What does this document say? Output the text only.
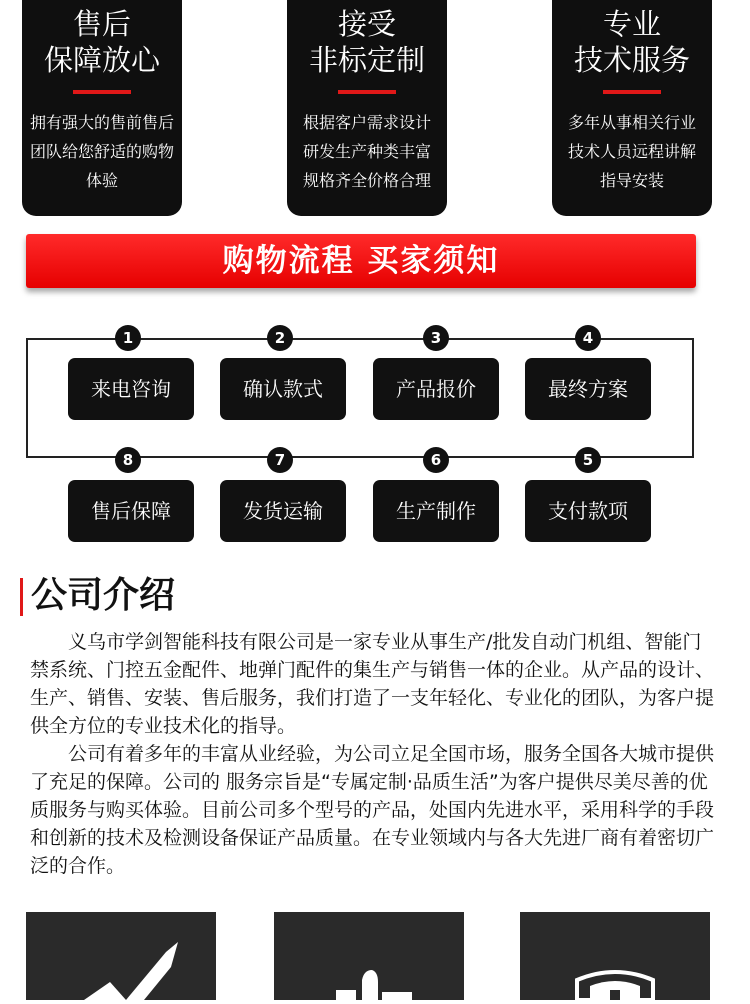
售后
保障放心
拥有强大的售前售后
团队给您舒适的购物
体验
接受
非标定制
根据客户需求设计
研发生产种类丰富
规格齐全价格合理
专业
技术服务
多年从事相关行业
技术人员远程讲解
指导安装
购物流程 买家须知
1	2	3	4
来电咨询	确认款式	产品报价	最终方案
8	7	6	5
售后保障	发货运输	生产制作	支付款项
公司介绍

义乌市学剑智能科技有限公司是一家专业从事生产/批发自动门机组、智能门禁系统、门控五金配件、地弹门配件的集生产与销售一体的企业。从产品的设计、生产、销售、安装、售后服务，我们打造了一支年轻化、专业化的团队，为客户提供全方位的专业技术化的指导。

公司有着多年的丰富从业经验，为公司立足全国市场，服务全国各大城市提供了充足的保障。公司的 服务宗旨是“专属定制·品质生活”为客户提供尽美尽善的优质服务与购买体验。目前公司多个型号的产品，处国内先进水平，采用科学的手段和创新的技术及检测设备保证产品质量。在专业领域内与各大先进厂商有着密切广泛的合作。
